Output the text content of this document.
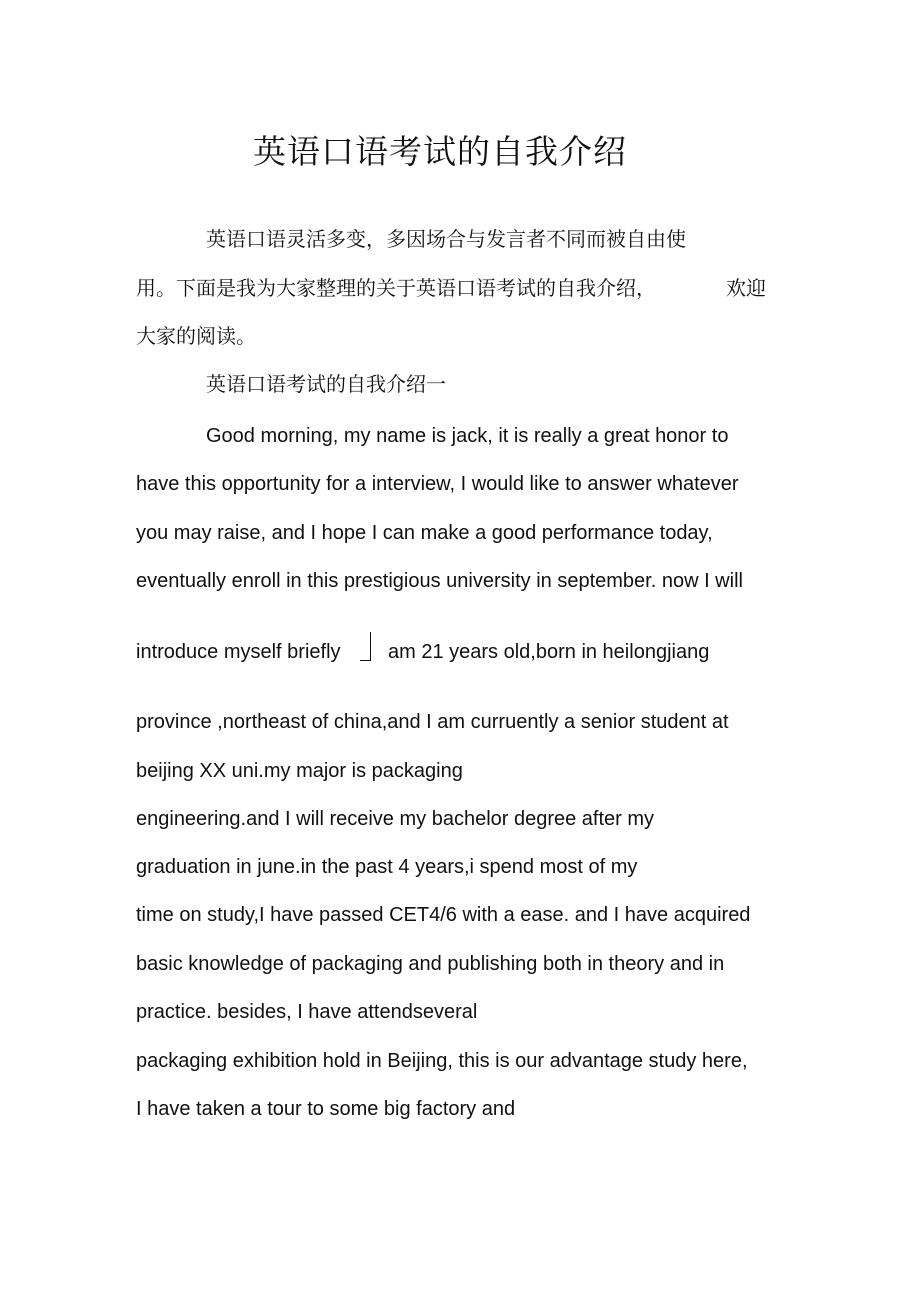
英语口语考试的自我介绍
英语口语灵活多变，多因场合与发言者不同而被自由使
用。下面是我为大家整理的关于英语口语考试的自我介绍，	欢迎
大家的阅读。
英语口语考试的自我介绍一
Good morning, my name is jack, it is really a great honor to
have this opportunity for a interview, I would like to answer whatever
you may raise, and I hope I can make a good performance today,
eventually enroll in this prestigious university in september. now I will
introduce myself briefly am 21 years old,born in heilongjiang
province ,northeast of china,and I am curruently a senior student at
beijing XX uni.my major is packaging
engineering.and I will receive my bachelor degree after my
graduation in june.in the past 4 years,i spend most of my
time on study,I have passed CET4/6 with a ease. and I have acquired
basic knowledge of packaging and publishing both in theory and in
practice. besides, I have attendseveral
packaging exhibition hold in Beijing, this is our advantage study here,
I have taken a tour to some big factory and
